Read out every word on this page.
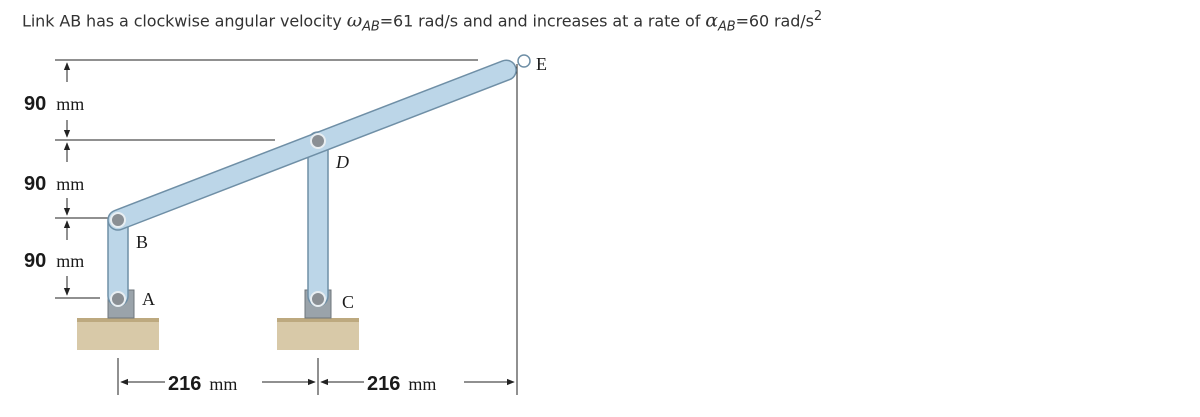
Link AB has a clockwise angular velocity $\omega_{AB}=61$ rad/s and and increases at a rate of $\alpha_{AB}=60$ rad/$s^2$
90 mm
90 mm
90 mm
E
D
B
A	C
216 mm	216 mm
